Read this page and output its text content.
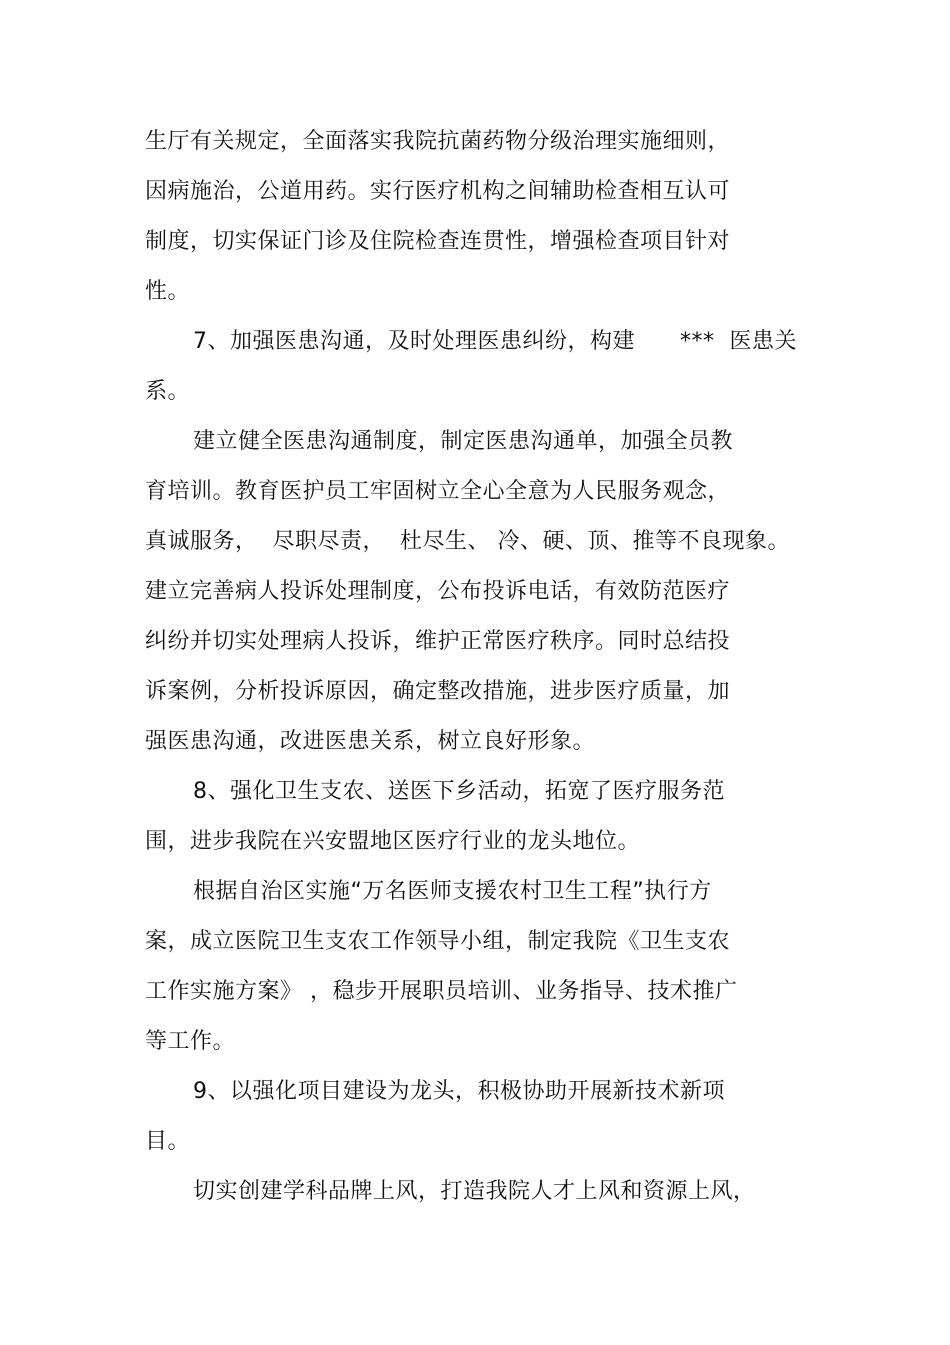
生厅有关规定，全面落实我院抗菌药物分级治理实施细则，
因病施治，公道用药。实行医疗机构之间辅助检查相互认可
制度，切实保证门诊及住院检查连贯性，增强检查项目针对
性。
7、加强医患沟通，及时处理医患纠纷，构建      ***  医患关
系。
建立健全医患沟通制度，制定医患沟通单，加强全员教
育培训。教育医护员工牢固树立全心全意为人民服务观念，
真诚服务，  尽职尽责，  杜尽生、 冷、硬、顶、推等不良现象。
建立完善病人投诉处理制度，公布投诉电话，有效防范医疗
纠纷并切实处理病人投诉，维护正常医疗秩序。同时总结投
诉案例，分析投诉原因，确定整改措施，进步医疗质量，加
强医患沟通，改进医患关系，树立良好形象。
8、强化卫生支农、送医下乡活动，拓宽了医疗服务范
围，进步我院在兴安盟地区医疗行业的龙头地位。
根据自治区实施“万名医师支援农村卫生工程”执行方
案，成立医院卫生支农工作领导小组，制定我院《卫生支农
工作实施方案》 ，稳步开展职员培训、业务指导、技术推广
等工作。
9、以强化项目建设为龙头，积极协助开展新技术新项
目。
切实创建学科品牌上风，打造我院人才上风和资源上风，
